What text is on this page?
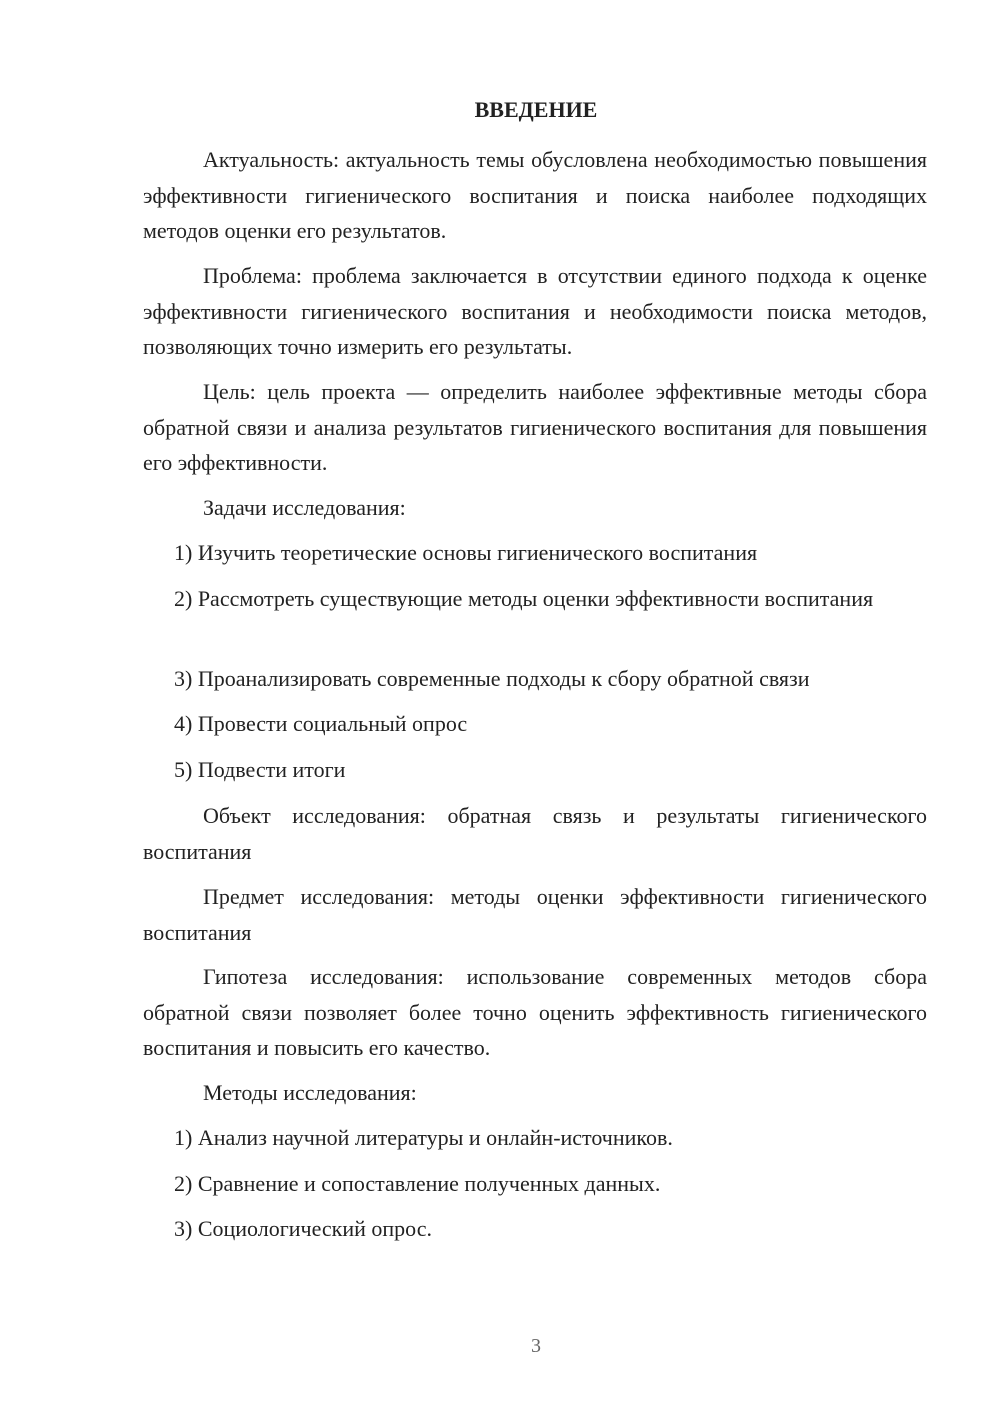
ВВЕДЕНИЕ

Актуальность: актуальность темы обусловлена необходимостью повышения эффективности гигиенического воспитания и поиска наиболее подходящих методов оценки его результатов.

Проблема: проблема заключается в отсутствии единого подхода к оценке эффективности гигиенического воспитания и необходимости поиска методов, позволяющих точно измерить его результаты.

Цель: цель проекта — определить наиболее эффективные методы сбора обратной связи и анализа результатов гигиенического воспитания для повышения его эффективности.

Задачи исследования:

1) Изучить теоретические основы гигиенического воспитания

2) Рассмотреть существующие методы оценки эффективности воспитания

3) Проанализировать современные подходы к сбору обратной связи

4) Провести социальный опрос

5) Подвести итоги

Объект исследования: обратная связь и результаты гигиенического воспитания

Предмет исследования: методы оценки эффективности гигиенического воспитания

Гипотеза исследования: использование современных методов сбора обратной связи позволяет более точно оценить эффективность гигиенического воспитания и повысить его качество.

Методы исследования:

1) Анализ научной литературы и онлайн-источников.

2) Сравнение и сопоставление полученных данных.

3) Социологический опрос.

3
